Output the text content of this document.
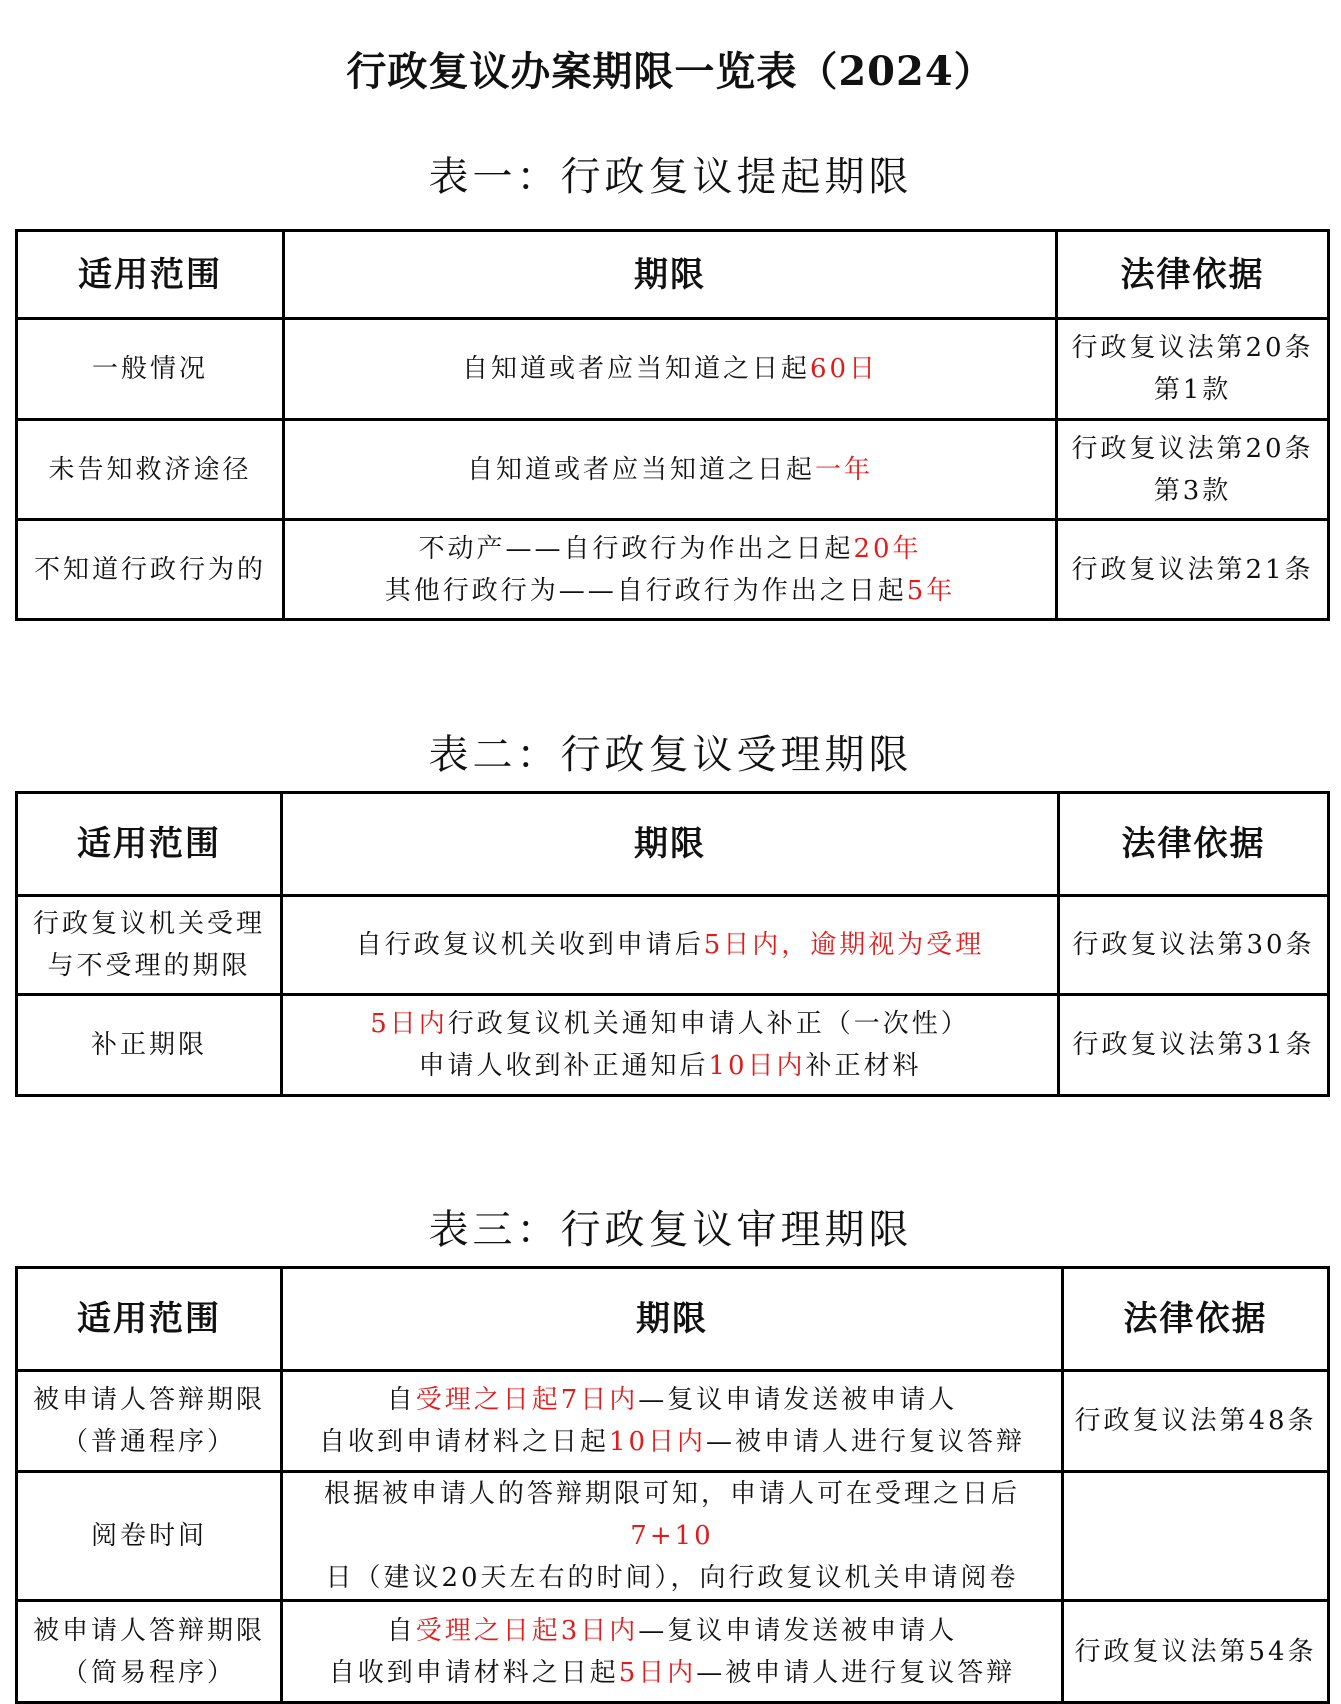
行政复议办案期限一览表（2024）
表一：行政复议提起期限
适用范围	期限	法律依据
一般情况	自知道或者应当知道之日起60日	行政复议法第20条
第1款

未告知救济途径	自知道或者应当知道之日起一年	行政复议法第20条
第3款

不知道行政行为的	不动产——自行政行为作出之日起20年
其他行政行为——自行政行为作出之日起5年	行政复议法第21条
表二：行政复议受理期限
适用范围	期限	法律依据
行政复议机关受理与不受理的期限	自行政复议机关收到申请后5日内，逾期视为受理	行政复议法第30条

补正期限	5日内行政复议机关通知申请人补正（一次性）
申请人收到补正通知后10日内补正材料	行政复议法第31条
表三：行政复议审理期限
适用范围	期限	法律依据
被申请人答辩期限（普通程序）	自受理之日起7日内—复议申请发送被申请人
自收到申请材料之日起10日内—被申请人进行复议答辩	行政复议法第48条

阅卷时间	根据被申请人的答辩期限可知，申请人可在受理之日后7+10
日（建议20天左右的时间），向行政复议机关申请阅卷	

被申请人答辩期限（简易程序）	自受理之日起3日内—复议申请发送被申请人
自收到申请材料之日起5日内—被申请人进行复议答辩	行政复议法第54条
